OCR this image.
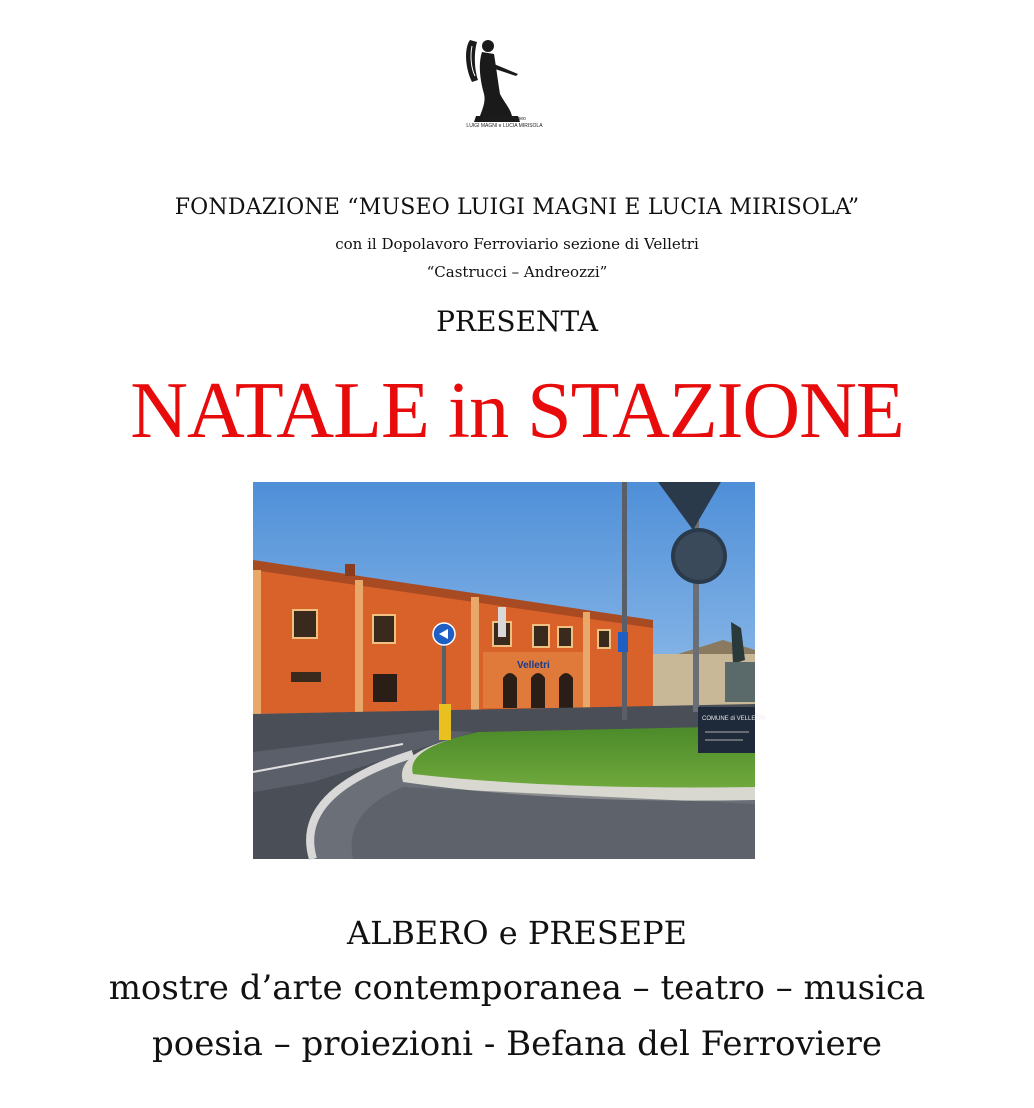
Fondazione Museo
LUIGI MAGNI e LUCIA MIRISOLA
FONDAZIONE “MUSEO LUIGI MAGNI E LUCIA MIRISOLA”
con il Dopolavoro Ferroviario sezione di Velletri
“Castrucci – Andreozzi”
PRESENTA
NATALE in STAZIONE
Velletri
COMUNE di VELLETRI
ALBERO e PRESEPE
mostre d’arte contemporanea – teatro – musica
poesia – proiezioni - Befana del Ferroviere
